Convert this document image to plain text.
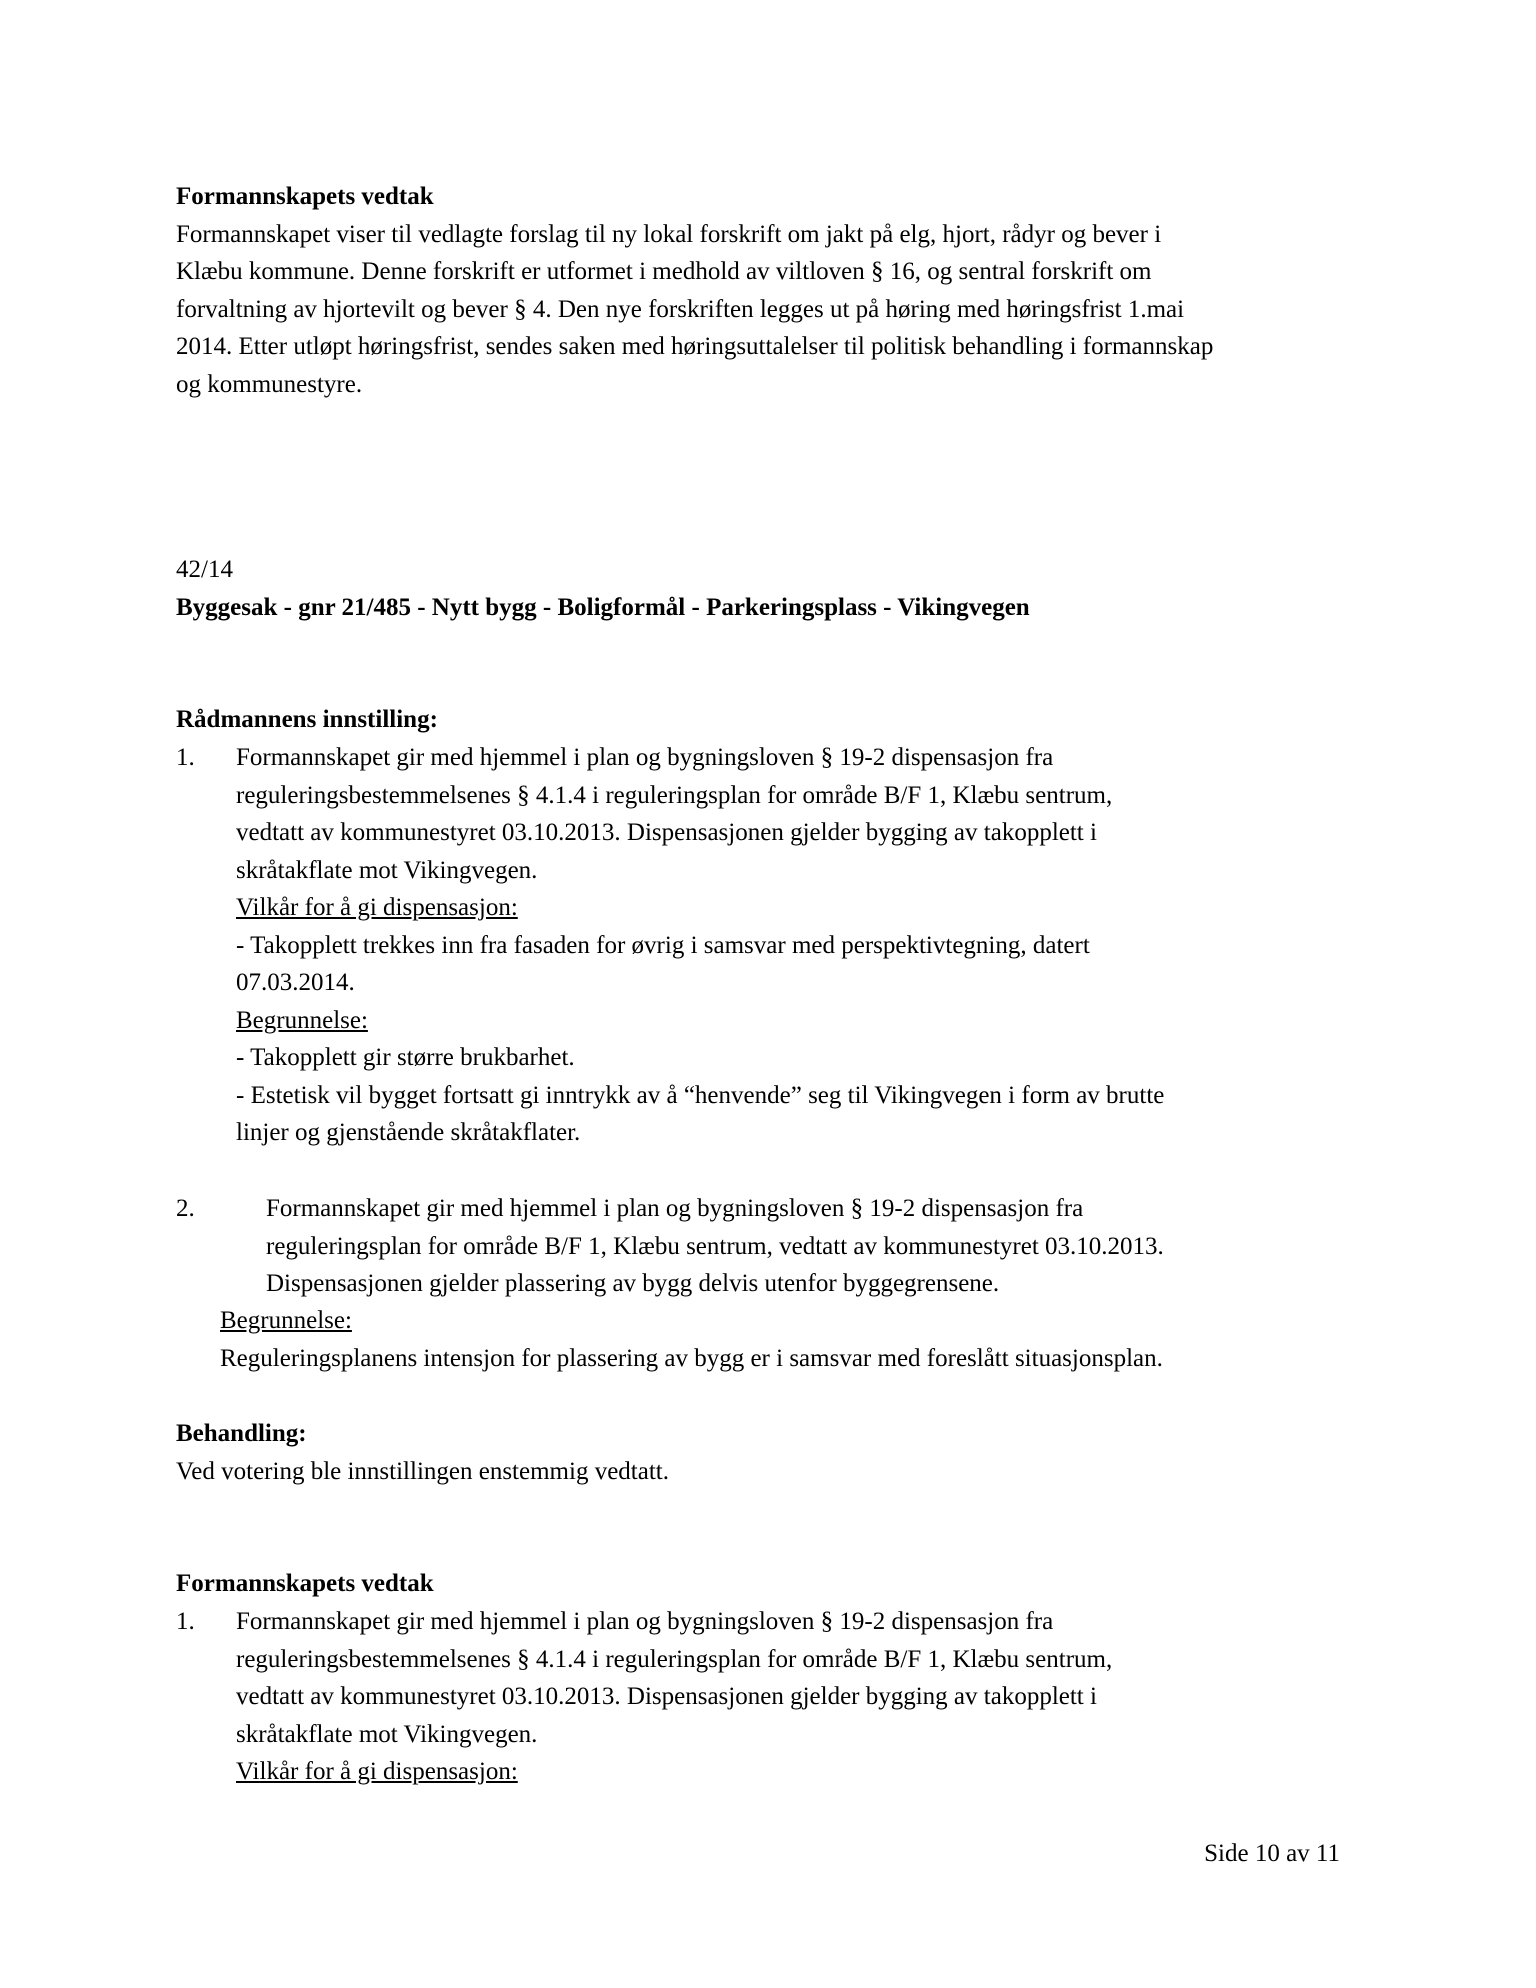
Formannskapets vedtak
Formannskapet viser til vedlagte forslag til ny lokal forskrift om jakt på elg, hjort, rådyr og bever i
Klæbu kommune. Denne forskrift er utformet i medhold av viltloven § 16, og sentral forskrift om
forvaltning av hjortevilt og bever § 4. Den nye forskriften legges ut på høring med høringsfrist 1.mai
2014. Etter utløpt høringsfrist, sendes saken med høringsuttalelser til politisk behandling i formannskap
og kommunestyre.
42/14
Byggesak - gnr 21/485 - Nytt bygg - Boligformål - Parkeringsplass - Vikingvegen
Rådmannens innstilling:
1. Formannskapet gir med hjemmel i plan og bygningsloven § 19-2 dispensasjon fra
reguleringsbestemmelsenes § 4.1.4 i reguleringsplan for område B/F 1, Klæbu sentrum,
vedtatt av kommunestyret 03.10.2013. Dispensasjonen gjelder bygging av takopplett i
skråtakflate mot Vikingvegen.
Vilkår for å gi dispensasjon:
- Takopplett trekkes inn fra fasaden for øvrig i samsvar med perspektivtegning, datert
07.03.2014.
Begrunnelse:
- Takopplett gir større brukbarhet.
- Estetisk vil bygget fortsatt gi inntrykk av å “henvende” seg til Vikingvegen i form av brutte
linjer og gjenstående skråtakflater.
2.	Formannskapet gir med hjemmel i plan og bygningsloven § 19-2 dispensasjon fra
reguleringsplan for område B/F 1, Klæbu sentrum, vedtatt av kommunestyret 03.10.2013.
Dispensasjonen gjelder plassering av bygg delvis utenfor byggegrensene.
Begrunnelse:
Reguleringsplanens intensjon for plassering av bygg er i samsvar med foreslått situasjonsplan.
Behandling:
Ved votering ble innstillingen enstemmig vedtatt.
Formannskapets vedtak
1. Formannskapet gir med hjemmel i plan og bygningsloven § 19-2 dispensasjon fra
reguleringsbestemmelsenes § 4.1.4 i reguleringsplan for område B/F 1, Klæbu sentrum,
vedtatt av kommunestyret 03.10.2013. Dispensasjonen gjelder bygging av takopplett i
skråtakflate mot Vikingvegen.
Vilkår for å gi dispensasjon:
Side 10 av 11
